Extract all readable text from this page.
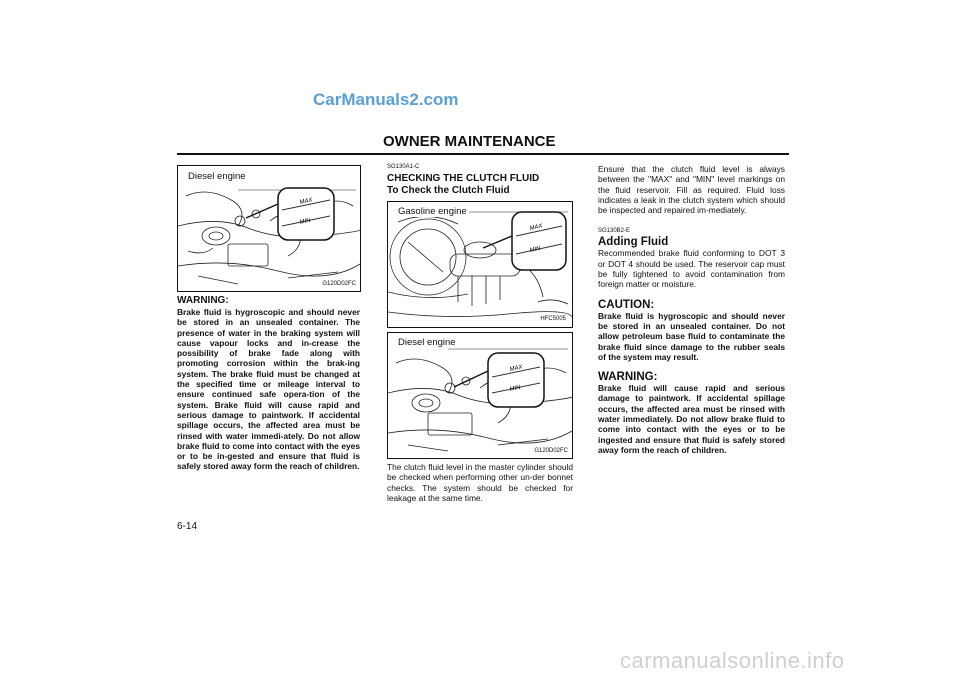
CarManuals2.com
OWNER MAINTENANCE
MAX
MIN
Diesel engine
G120D02FC
WARNING:
Brake fluid is hygroscopic and should never be stored in an unsealed container. The presence of water in the braking system will cause vapour locks and in-crease the possibility of brake fade along with promoting corrosion within the brak-ing system. The brake fluid must be changed at the specified time or mileage interval to ensure continued safe opera-tion of the system. Brake fluid will cause rapid and serious damage to paintwork. If accidental spillage occurs, the affected area must be rinsed with water immedi-ately. Do not allow brake fluid to come into contact with the eyes or to be in-gested and ensure that fluid is safely stored away form the reach of children.
SG130A1-C
CHECKING THE CLUTCH FLUID
To Check the Clutch Fluid
MAX
MIN
Gasoline engine
HFC5005
MAX
MIN
Diesel engine
G120D02FC
The clutch fluid level in the master cylinder should be checked when performing other un-der bonnet checks. The system should be checked for leakage at the same time.
Ensure that the clutch fluid level is always between the "MAX" and "MIN" level markings on the fluid reservoir. Fill as required. Fluid loss indicates a leak in the clutch system which should be inspected and repaired im-mediately.
SG130B2-E
Adding Fluid
Recommended brake fluid conforming to DOT 3 or DOT 4 should be used. The reservoir cap must be fully tightened to avoid contamination from foreign matter or moisture.
CAUTION:
Brake fluid is hygroscopic and should never be stored in an unsealed container. Do not allow petroleum base fluid to contaminate the brake fluid since damage to the rubber seals of the system may result.
WARNING:
Brake fluid will cause rapid and serious damage to paintwork. If accidental spillage occurs, the affected area must be rinsed with water immediately. Do not allow brake fluid to come into contact with the eyes or to be ingested and ensure that fluid is safely stored away form the reach of children.
6-14
carmanualsonline.info
